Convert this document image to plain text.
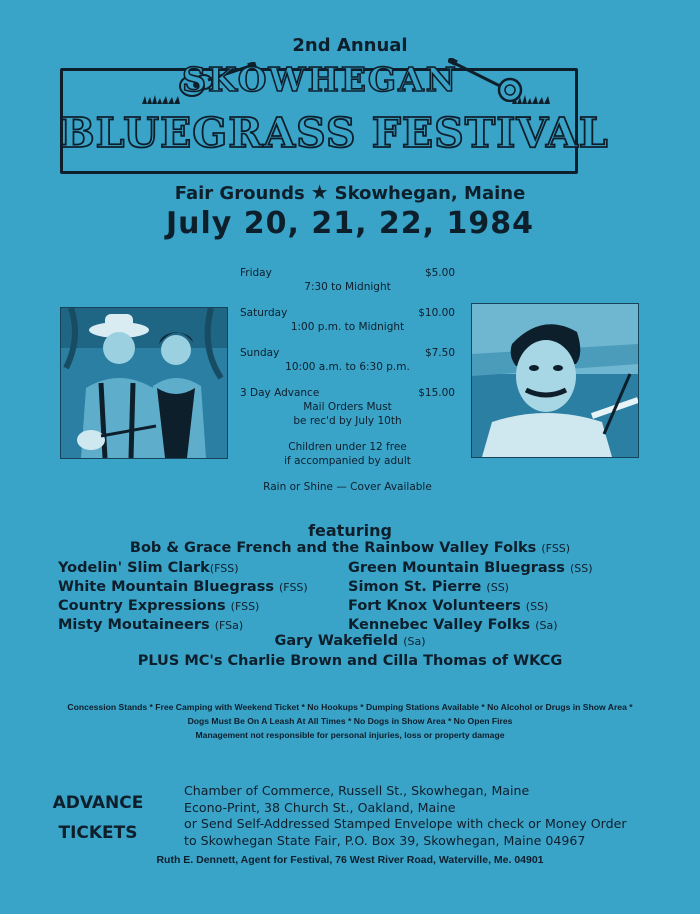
2nd Annual
SKOWHEGAN
BLUEGRASS FESTIVAL
Fair Grounds ★ Skowhegan, Maine
July 20, 21, 22, 1984
Friday	$5.00
7:30 to Midnight
Saturday	$10.00
1:00 p.m. to Midnight
Sunday	$7.50
10:00 a.m. to 6:30 p.m.
3 Day Advance	$15.00
Mail Orders Must
be rec'd by July 10th
Children under 12 free
if accompanied by adult
Rain or Shine — Cover Available
featuring
Bob & Grace French and the Rainbow Valley Folks (FSS)
Yodelin' Slim Clark(FSS)
White Mountain Bluegrass (FSS)
Country Expressions (FSS)
Misty Moutaineers (FSa)
Green Mountain Bluegrass (SS)
Simon St. Pierre (SS)
Fort Knox Volunteers (SS)
Kennebec Valley Folks (Sa)
Gary Wakefield (Sa)
PLUS MC's Charlie Brown and Cilla Thomas of WKCG
Concession Stands * Free Camping with Weekend Ticket * No Hookups * Dumping Stations Available * No Alcohol or Drugs in Show Area *
Dogs Must Be On A Leash At All Times * No Dogs in Show Area * No Open Fires
Management not responsible for personal injuries, loss or property damage
ADVANCE
TICKETS
Chamber of Commerce, Russell St., Skowhegan, Maine
Econo-Print, 38 Church St., Oakland, Maine
or Send Self-Addressed Stamped Envelope with check or Money Order
to Skowhegan State Fair, P.O. Box 39, Skowhegan, Maine 04967
Ruth E. Dennett, Agent for Festival, 76 West River Road, Waterville, Me. 04901
